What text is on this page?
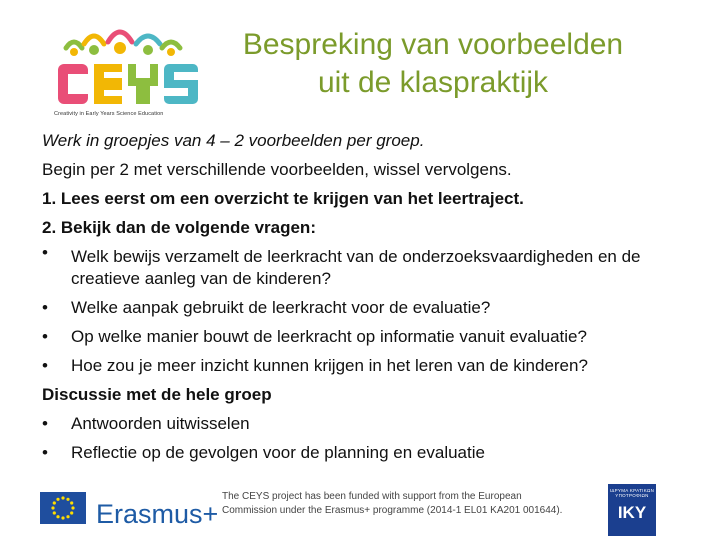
Creativity in Early Years Science Education
Bespreking van voorbeelden
uit de klaspraktijk
Werk in groepjes van 4 – 2 voorbeelden per groep.
Begin per 2 met verschillende voorbeelden, wissel vervolgens.
1. Lees eerst om een overzicht te krijgen van het leertraject.
2. Bekijk dan de volgende vragen:
•	Welk bewijs verzamelt de leerkracht van de onderzoeksvaardigheden en de creatieve aanleg van de kinderen?
•	Welke aanpak gebruikt de leerkracht voor de evaluatie?
•	Op welke manier bouwt de leerkracht op informatie vanuit evaluatie?
•	Hoe zou je meer inzicht kunnen krijgen in het leren van de kinderen?
Discussie met de hele groep
•	Antwoorden uitwisselen
•	Reflectie op de gevolgen voor de planning en evaluatie
Erasmus+
The CEYS project has been funded with support from the European
Commission under the Erasmus+ programme (2014-1 EL01 KA201 001644).
ΙΔΡΥΜΑ ΚΡΑΤΙΚΩΝ ΥΠΟΤΡΟΦΙΩΝ
IKY
